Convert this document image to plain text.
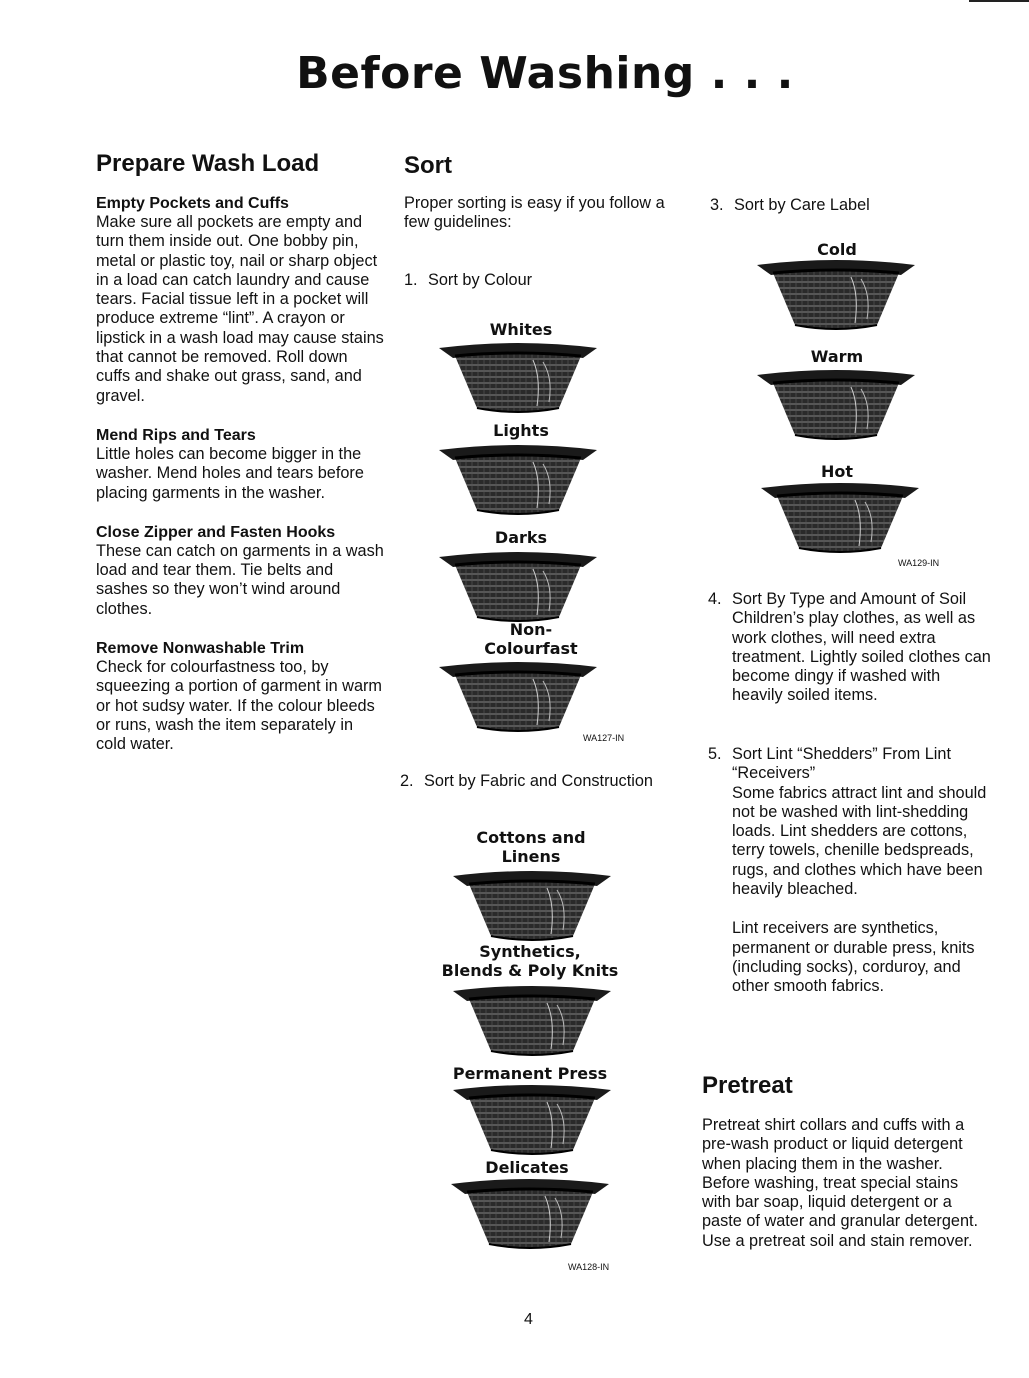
Before Washing . . .
Prepare Wash Load
Empty Pockets and Cuffs
Make sure all pockets are empty and turn them inside out. One bobby pin, metal or plastic toy, nail or sharp object in a load can catch laundry and cause tears. Facial tissue left in a pocket will produce extreme “lint”. A crayon or lipstick in a wash load may cause stains that cannot be removed. Roll down cuffs and shake out grass, sand, and gravel.
Mend Rips and Tears
Little holes can become bigger in the washer. Mend holes and tears before placing garments in the washer.
Close Zipper and Fasten Hooks
These can catch on garments in a wash load and tear them. Tie belts and sashes so they won’t wind around clothes.
Remove Nonwashable Trim
Check for colourfastness too, by squeezing a portion of garment in warm or hot sudsy water. If the colour bleeds or runs, wash the item separately in cold water.
Sort
Proper sorting is easy if you follow a few guidelines:
1. Sort by Colour
Whites
Lights
Darks
Non-
Colourfast
WA127-IN
2. Sort by Fabric and Construction
Cottons and
Linens
Synthetics,
Blends & Poly Knits
Permanent Press
Delicates
WA128-IN
3. Sort by Care Label
Cold
Warm
Hot
WA129-IN
4. Sort By Type and Amount of Soil
Children’s play clothes, as well as work clothes, will need extra treatment. Lightly soiled clothes can become dingy if washed with heavily soiled items.
5. Sort Lint “Shedders” From Lint “Receivers”
Some fabrics attract lint and should not be washed with lint-shedding loads. Lint shedders are cottons, terry towels, chenille bedspreads, rugs, and clothes which have been heavily bleached.
Lint receivers are synthetics, permanent or durable press, knits (including socks), corduroy, and other smooth fabrics.
Pretreat
Pretreat shirt collars and cuffs with a pre-wash product or liquid detergent when placing them in the washer. Before washing, treat special stains with bar soap, liquid detergent or a paste of water and granular detergent. Use a pretreat soil and stain remover.
4
